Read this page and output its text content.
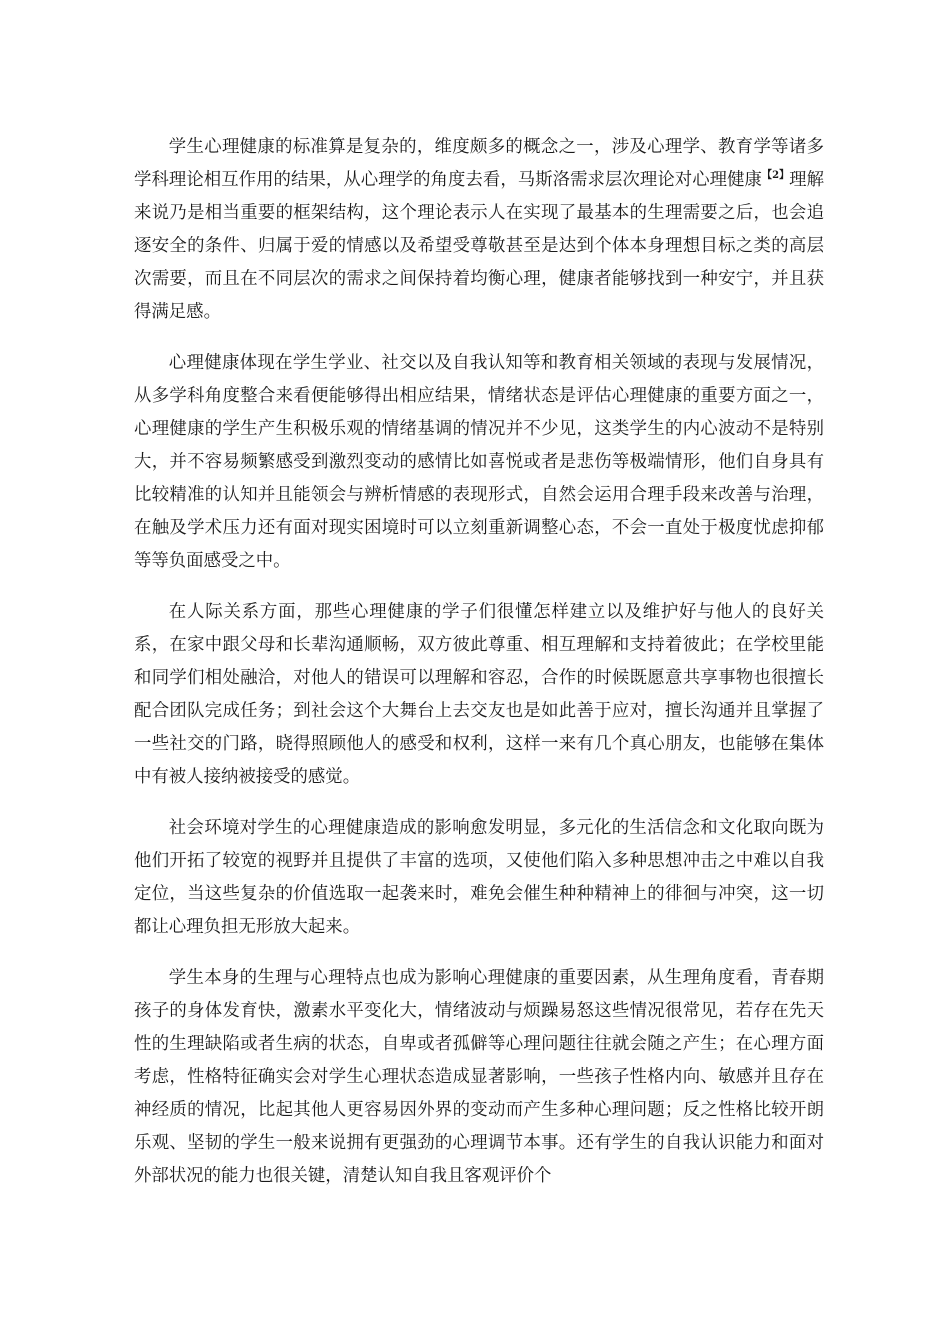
学生心理健康的标准算是复杂的，维度颇多的概念之一，涉及心理学、教育学等诸多学科理论相互作用的结果，从心理学的角度去看，马斯洛需求层次理论对心理健康$^{【2】}$理解来说乃是相当重要的框架结构，这个理论表示人在实现了最基本的生理需要之后，也会追逐安全的条件、归属于爱的情感以及希望受尊敬甚至是达到个体本身理想目标之类的高层次需要，而且在不同层次的需求之间保持着均衡心理，健康者能够找到一种安宁，并且获得满足感。

心理健康体现在学生学业、社交以及自我认知等和教育相关领域的表现与发展情况，从多学科角度整合来看便能够得出相应结果，情绪状态是评估心理健康的重要方面之一，心理健康的学生产生积极乐观的情绪基调的情况并不少见，这类学生的内心波动不是特别大，并不容易频繁感受到激烈变动的感情比如喜悦或者是悲伤等极端情形，他们自身具有比较精准的认知并且能领会与辨析情感的表现形式，自然会运用合理手段来改善与治理，在触及学术压力还有面对现实困境时可以立刻重新调整心态，不会一直处于极度忧虑抑郁等等负面感受之中。

在人际关系方面，那些心理健康的学子们很懂怎样建立以及维护好与他人的良好关系，在家中跟父母和长辈沟通顺畅，双方彼此尊重、相互理解和支持着彼此；在学校里能和同学们相处融洽，对他人的错误可以理解和容忍，合作的时候既愿意共享事物也很擅长配合团队完成任务；到社会这个大舞台上去交友也是如此善于应对，擅长沟通并且掌握了一些社交的门路，晓得照顾他人的感受和权利，这样一来有几个真心朋友，也能够在集体中有被人接纳被接受的感觉。

社会环境对学生的心理健康造成的影响愈发明显，多元化的生活信念和文化取向既为他们开拓了较宽的视野并且提供了丰富的选项，又使他们陷入多种思想冲击之中难以自我定位，当这些复杂的价值选取一起袭来时，难免会催生种种精神上的徘徊与冲突，这一切都让心理负担无形放大起来。

学生本身的生理与心理特点也成为影响心理健康的重要因素，从生理角度看，青春期孩子的身体发育快，激素水平变化大，情绪波动与烦躁易怒这些情况很常见，若存在先天性的生理缺陷或者生病的状态，自卑或者孤僻等心理问题往往就会随之产生；在心理方面考虑，性格特征确实会对学生心理状态造成显著影响，一些孩子性格内向、敏感并且存在神经质的情况，比起其他人更容易因外界的变动而产生多种心理问题；反之性格比较开朗乐观、坚韧的学生一般来说拥有更强劲的心理调节本事。还有学生的自我认识能力和面对外部状况的能力也很关键，清楚认知自我且客观评价个
